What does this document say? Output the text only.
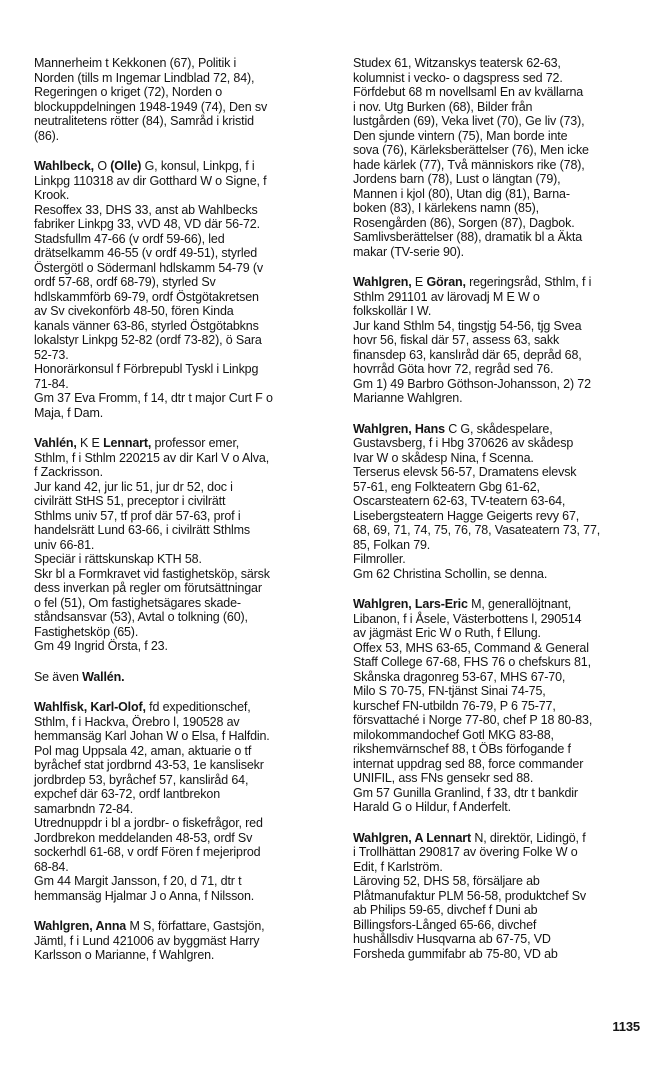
Mannerheim t Kekkonen (67), Politik i
Norden (tills m Ingemar Lindblad 72, 84),
Regeringen o kriget (72), Norden o
blockuppdelningen 1948-1949 (74), Den sv
neutralitetens rötter (84), Samråd i kristid
(86).
Wahlbeck, O (Olle) G, konsul, Linkpg, f i
Linkpg 110318 av dir Gotthard W o Signe, f
Krook.
Resoffex 33, DHS 33, anst ab Wahlbecks
fabriker Linkpg 33, vVD 48, VD där 56-72.
Stadsfullm 47-66 (v ordf 59-66), led
drätselkamm 46-55 (v ordf 49-51), styrled
Östergötl o Södermanl hdlskamm 54-79 (v
ordf 57-68, ordf 68-79), styrled Sv
hdlskammförb 69-79, ordf Östgötakretsen
av Sv civekonförb 48-50, fören Kinda
kanals vänner 63-86, styrled Östgötabkns
lokalstyr Linkpg 52-82 (ordf 73-82), ö Sara
52-73.
Honorärkonsul f Förbrepubl Tyskl i Linkpg
71-84.
Gm 37 Eva Fromm, f 14, dtr t major Curt F o
Maja, f Dam.
Vahlén, K E Lennart, professor emer,
Sthlm, f i Sthlm 220215 av dir Karl V o Alva,
f Zackrisson.
Jur kand 42, jur lic 51, jur dr 52, doc i
civilrätt StHS 51, preceptor i civilrätt
Sthlms univ 57, tf prof där 57-63, prof i
handelsrätt Lund 63-66, i civilrätt Sthlms
univ 66-81.
Speciär i rättskunskap KTH 58.
Skr bl a Formkravet vid fastighetsköp, särsk
dess inverkan på regler om förutsättningar
o fel (51), Om fastighetsägares skade-
ståndsansvar (53), Avtal o tolkning (60),
Fastighetsköp (65).
Gm 49 Ingrid Örsta, f 23.
Se även Wallén.
Wahlfisk, Karl-Olof, fd expeditionschef,
Sthlm, f i Hackva, Örebro l, 190528 av
hemmansäg Karl Johan W o Elsa, f Halfdin.
Pol mag Uppsala 42, aman, aktuarie o tf
byråchef stat jordbrnd 43-53, 1e kanslisekr
jordbrdep 53, byråchef 57, kansliråd 64,
expchef där 63-72, ordf lantbrekon
samarbndn 72-84.
Utrednuppdr i bl a jordbr- o fiskefrågor, red
Jordbrekon meddelanden 48-53, ordf Sv
sockerhdl 61-68, v ordf Fören f mejeriprod
68-84.
Gm 44 Margit Jansson, f 20, d 71, dtr t
hemmansäg Hjalmar J o Anna, f Nilsson.
Wahlgren, Anna M S, författare, Gastsjön,
Jämtl, f i Lund 421006 av byggmäst Harry
Karlsson o Marianne, f Wahlgren.
Studex 61, Witzanskys teatersk 62-63,
kolumnist i vecko- o dagspress sed 72.
Förfdebut 68 m novellsaml En av kvällarna
i nov. Utg Burken (68), Bilder från
lustgården (69), Veka livet (70), Ge liv (73),
Den sjunde vintern (75), Man borde inte
sova (76), Kärleksberättelser (76), Men icke
hade kärlek (77), Två människors rike (78),
Jordens barn (78), Lust o längtan (79),
Mannen i kjol (80), Utan dig (81), Barna-
boken (83), I kärlekens namn (85),
Rosengården (86), Sorgen (87), Dagbok.
Samlivsberättelser (88), dramatik bl a Äkta
makar (TV-serie 90).
Wahlgren, E Göran, regeringsråd, Sthlm, f i
Sthlm 291101 av lärovadj M E W o
folkskollär I W.
Jur kand Sthlm 54, tingstjg 54-56, tjg Svea
hovr 56, fiskal där 57, assess 63, sakk
finansdep 63, kanslıråd där 65, depråd 68,
hovrråd Göta hovr 72, regråd sed 76.
Gm 1) 49 Barbro Göthson-Johansson, 2) 72
Marianne Wahlgren.
Wahlgren, Hans C G, skådespelare,
Gustavsberg, f i Hbg 370626 av skådesp
Ivar W o skådesp Nina, f Scenna.
Terserus elevsk 56-57, Dramatens elevsk
57-61, eng Folkteatern Gbg 61-62,
Oscarsteatern 62-63, TV-teatern 63-64,
Lisebergsteatern Hagge Geigerts revy 67,
68, 69, 71, 74, 75, 76, 78, Vasateatern 73, 77,
85, Folkan 79.
Filmroller.
Gm 62 Christina Schollin, se denna.
Wahlgren, Lars-Eric M, generallöjtnant,
Libanon, f i Åsele, Västerbottens l, 290514
av jägmäst Eric W o Ruth, f Ellung.
Offex 53, MHS 63-65, Command & General
Staff College 67-68, FHS 76 o chefskurs 81,
Skånska dragonreg 53-67, MHS 67-70,
Milo S 70-75, FN-tjänst Sinai 74-75,
kurschef FN-utbildn 76-79, P 6 75-77,
försvattaché i Norge 77-80, chef P 18 80-83,
milokommandochef Gotl MKG 83-88,
rikshemvärnschef 88, t ÖBs förfogande f
internat uppdrag sed 88, force commander
UNIFIL, ass FNs gensekr sed 88.
Gm 57 Gunilla Granlind, f 33, dtr t bankdir
Harald G o Hildur, f Anderfelt.
Wahlgren, A Lennart N, direktör, Lidingö, f
i Trollhättan 290817 av övering Folke W o
Edit, f Karlström.
Läroving 52, DHS 58, försäljare ab
Plåtmanufaktur PLM 56-58, produktchef Sv
ab Philips 59-65, divchef f Duni ab
Billingsfors-Långed 65-66, divchef
hushållsdiv Husqvarna ab 67-75, VD
Forsheda gummifabr ab 75-80, VD ab
1135
